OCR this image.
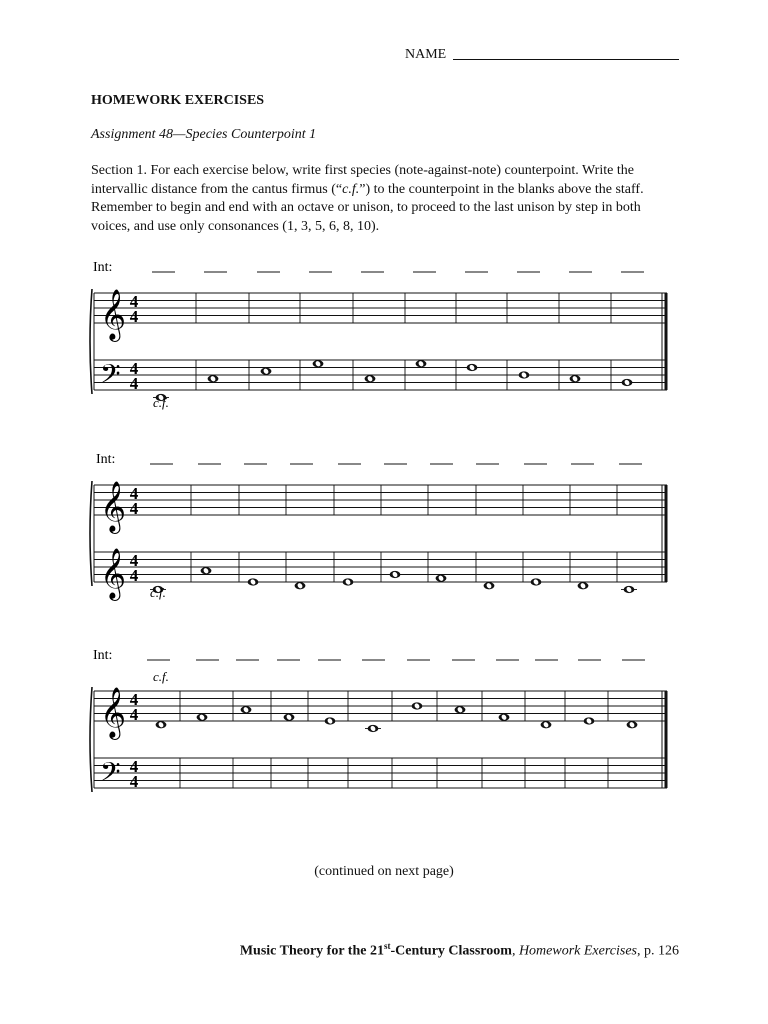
NAME
HOMEWORK EXERCISES
Assignment 48—Species Counterpoint 1
Section 1. For each exercise below, write first species (note-against-note) counterpoint. Write the intervallic distance from the cantus firmus (“c.f.”) to the counterpoint in the blanks above the staff. Remember to begin and end with an octave or unison, to proceed to the last unison by step in both voices, and use only consonances (1, 3, 5, 6, 8, 10).
Int:
𝄞
𝄢
4
4
4
4
c.f.
Int:
𝄞
𝄞
4
4
4
4
c.f.
Int:
𝄞
𝄢
4
4
4
4
c.f.
(continued on next page)
Music Theory for the 21st-Century Classroom, Homework Exercises, p. 126
